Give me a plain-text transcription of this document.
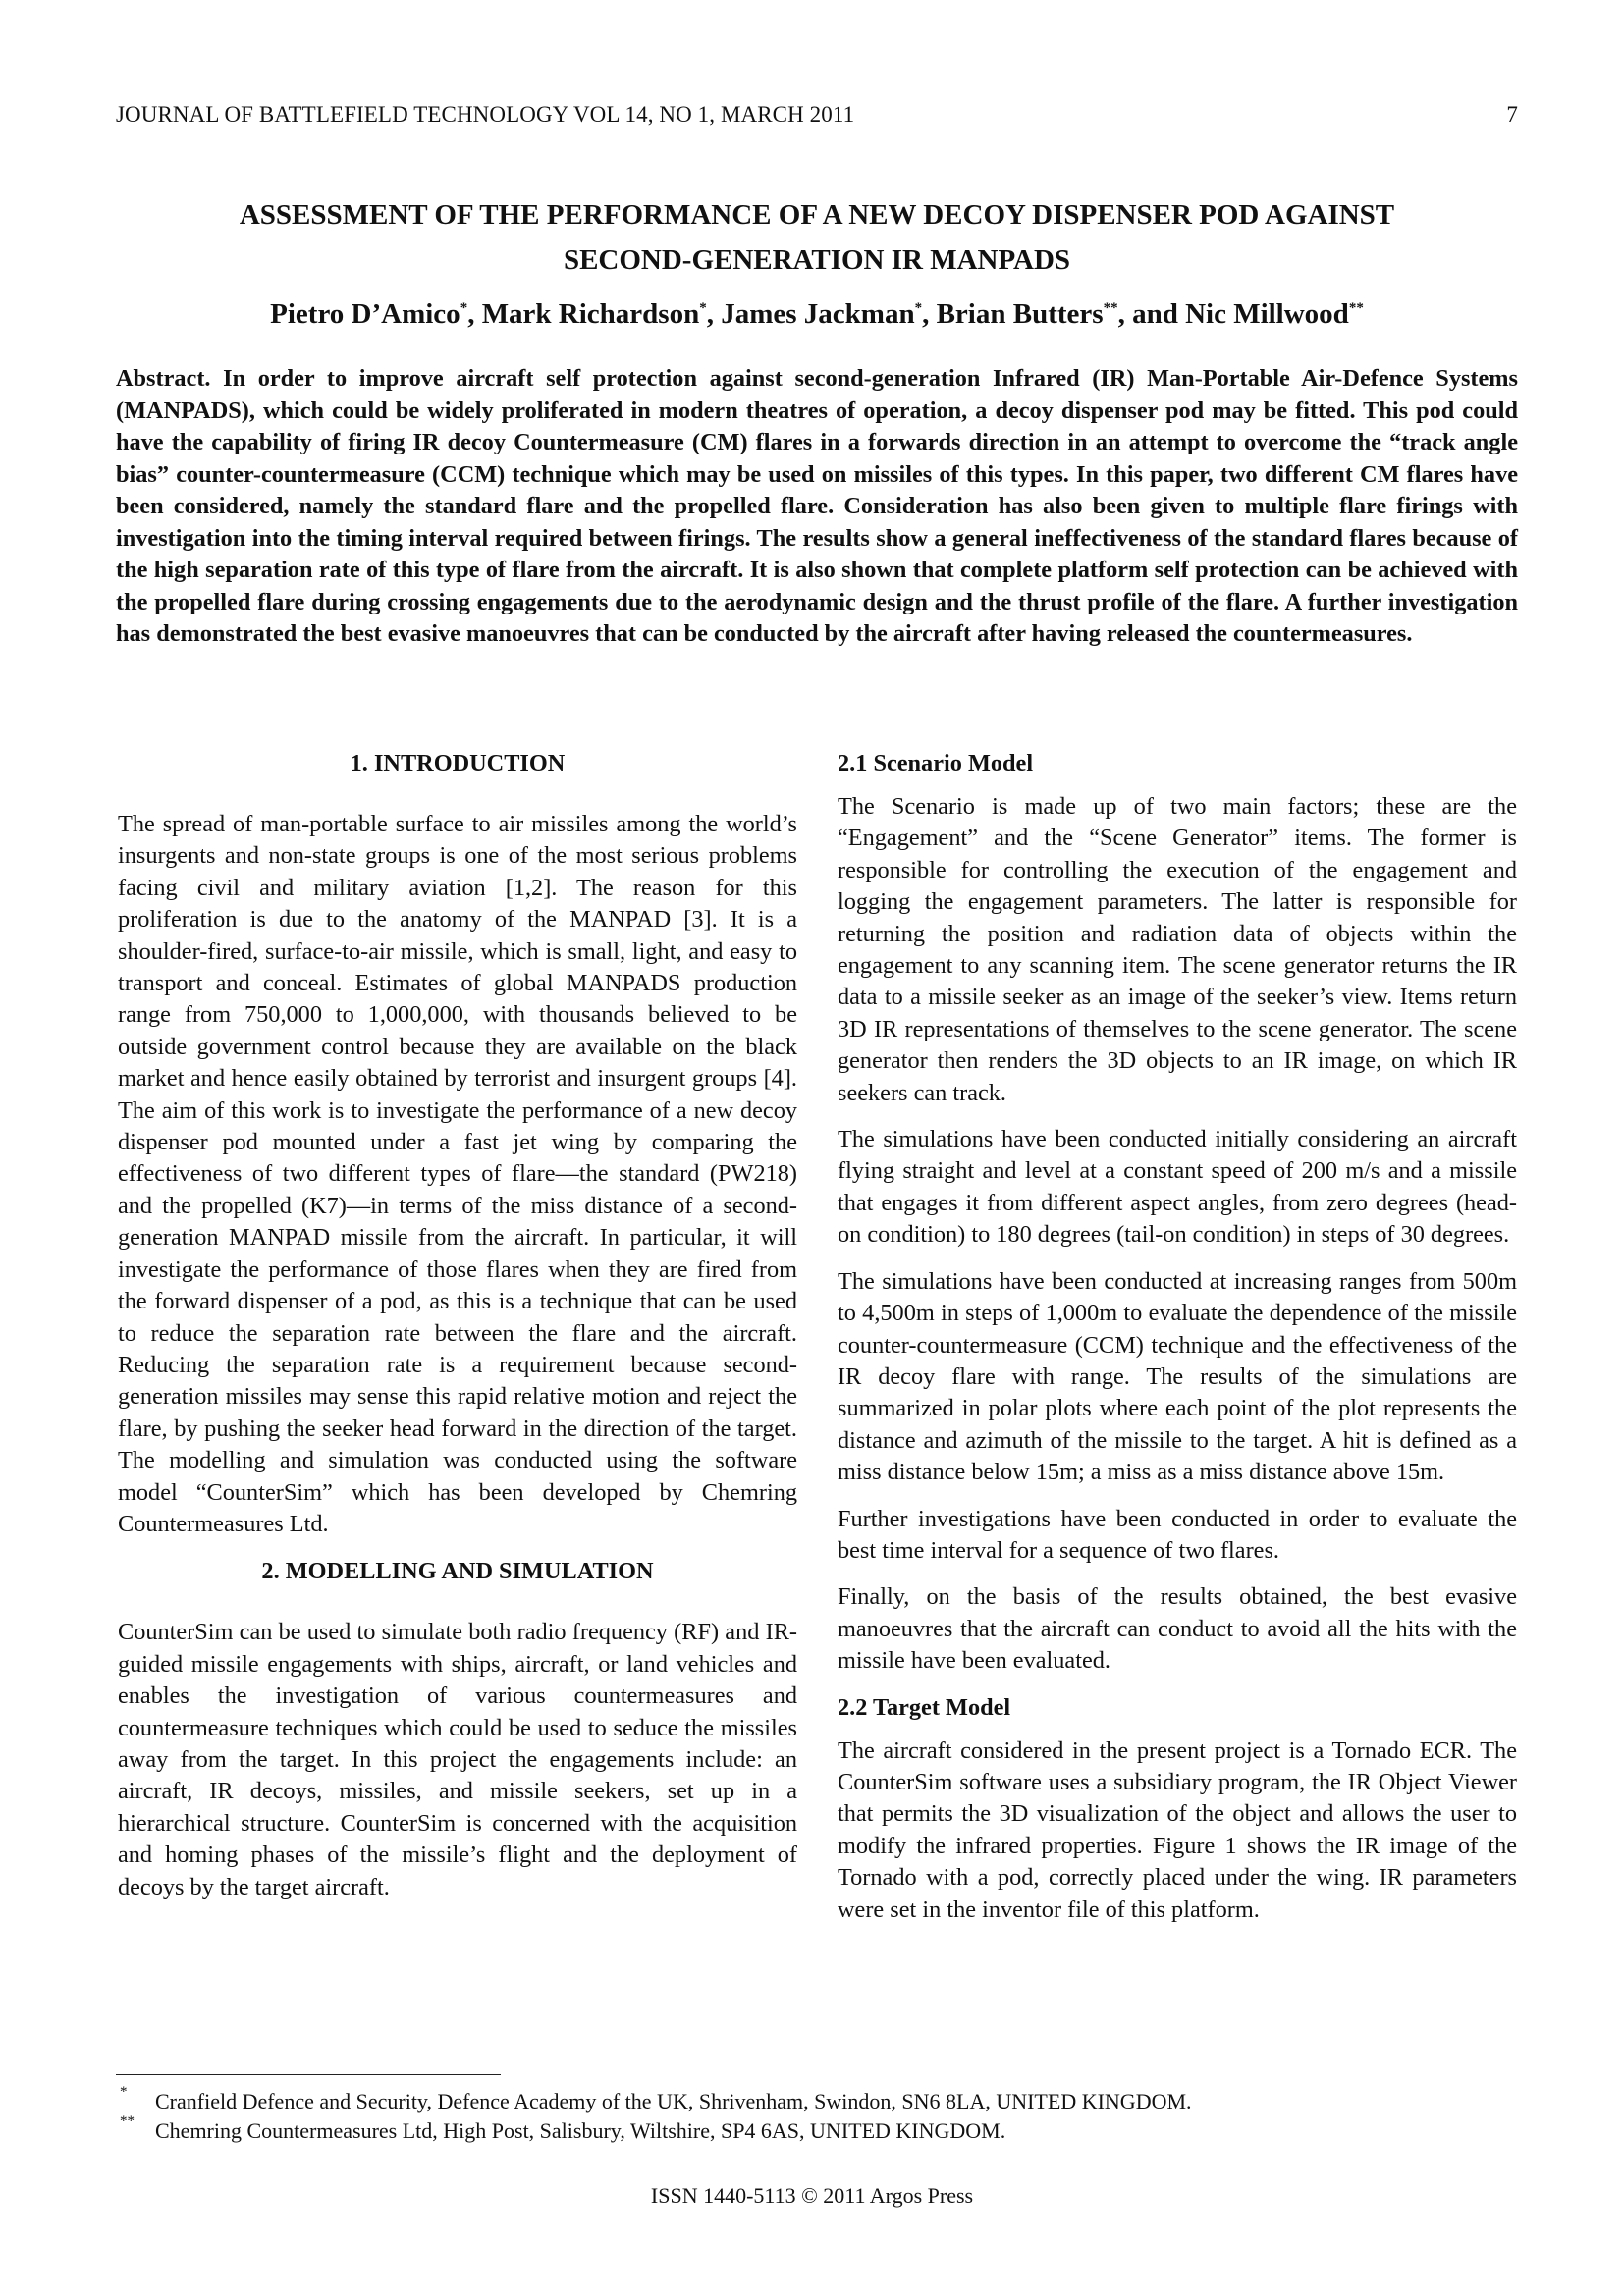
JOURNAL OF BATTLEFIELD TECHNOLOGY VOL 14, NO 1, MARCH 2011	7
ASSESSMENT OF THE PERFORMANCE OF A NEW DECOY DISPENSER POD AGAINST
SECOND-GENERATION IR MANPADS
Pietro D’Amico*, Mark Richardson*, James Jackman*, Brian Butters**, and Nic Millwood**
Abstract. In order to improve aircraft self protection against second-generation Infrared (IR) Man-Portable Air-Defence Systems (MANPADS), which could be widely proliferated in modern theatres of operation, a decoy dispenser pod may be fitted. This pod could have the capability of firing IR decoy Countermeasure (CM) flares in a forwards direction in an attempt to overcome the “track angle bias” counter-countermeasure (CCM) technique which may be used on missiles of this types. In this paper, two different CM flares have been considered, namely the standard flare and the propelled flare. Consideration has also been given to multiple flare firings with investigation into the timing interval required between firings. The results show a general ineffectiveness of the standard flares because of the high separation rate of this type of flare from the aircraft. It is also shown that complete platform self protection can be achieved with the propelled flare during crossing engagements due to the aerodynamic design and the thrust profile of the flare. A further investigation has demonstrated the best evasive manoeuvres that can be conducted by the aircraft after having released the countermeasures.
1. INTRODUCTION

The spread of man-portable surface to air missiles among the world’s insurgents and non-state groups is one of the most serious problems facing civil and military aviation [1,2]. The reason for this proliferation is due to the anatomy of the MANPAD [3]. It is a shoulder-fired, surface-to-air missile, which is small, light, and easy to transport and conceal. Estimates of global MANPADS production range from 750,000 to 1,000,000, with thousands believed to be outside government control because they are available on the black market and hence easily obtained by terrorist and insurgent groups [4]. The aim of this work is to investigate the performance of a new decoy dispenser pod mounted under a fast jet wing by comparing the effectiveness of two different types of flare—the standard (PW218) and the propelled (K7)—in terms of the miss distance of a second-generation MANPAD missile from the aircraft. In particular, it will investigate the performance of those flares when they are fired from the forward dispenser of a pod, as this is a technique that can be used to reduce the separation rate between the flare and the aircraft. Reducing the separation rate is a requirement because second-generation missiles may sense this rapid relative motion and reject the flare, by pushing the seeker head forward in the direction of the target. The modelling and simulation was conducted using the software model “CounterSim” which has been developed by Chemring Countermeasures Ltd.

2. MODELLING AND SIMULATION

CounterSim can be used to simulate both radio frequency (RF) and IR-guided missile engagements with ships, aircraft, or land vehicles and enables the investigation of various countermeasures and countermeasure techniques which could be used to seduce the missiles away from the target. In this project the engagements include: an aircraft, IR decoys, missiles, and missile seekers, set up in a hierarchical structure. CounterSim is concerned with the acquisition and homing phases of the missile’s flight and the deployment of decoys by the target aircraft.

2.1 Scenario Model

The Scenario is made up of two main factors; these are the “Engagement” and the “Scene Generator” items. The former is responsible for controlling the execution of the engagement and logging the engagement parameters. The latter is responsible for returning the position and radiation data of objects within the engagement to any scanning item. The scene generator returns the IR data to a missile seeker as an image of the seeker’s view. Items return 3D IR representations of themselves to the scene generator. The scene generator then renders the 3D objects to an IR image, on which IR seekers can track.

The simulations have been conducted initially considering an aircraft flying straight and level at a constant speed of 200 m/s and a missile that engages it from different aspect angles, from zero degrees (head-on condition) to 180 degrees (tail-on condition) in steps of 30 degrees.

The simulations have been conducted at increasing ranges from 500m to 4,500m in steps of 1,000m to evaluate the dependence of the missile counter-countermeasure (CCM) technique and the effectiveness of the IR decoy flare with range. The results of the simulations are summarized in polar plots where each point of the plot represents the distance and azimuth of the missile to the target. A hit is defined as a miss distance below 15m; a miss as a miss distance above 15m.

Further investigations have been conducted in order to evaluate the best time interval for a sequence of two flares.

Finally, on the basis of the results obtained, the best evasive manoeuvres that the aircraft can conduct to avoid all the hits with the missile have been evaluated.

2.2 Target Model

The aircraft considered in the present project is a Tornado ECR. The CounterSim software uses a subsidiary program, the IR Object Viewer that permits the 3D visualization of the object and allows the user to modify the infrared properties. Figure 1 shows the IR image of the Tornado with a pod, correctly placed under the wing. IR parameters were set in the inventor file of this platform.

* Cranfield Defence and Security, Defence Academy of the UK, Shrivenham, Swindon, SN6 8LA, UNITED KINGDOM.
** Chemring Countermeasures Ltd, High Post, Salisbury, Wiltshire, SP4 6AS, UNITED KINGDOM.
ISSN 1440-5113 © 2011 Argos Press
